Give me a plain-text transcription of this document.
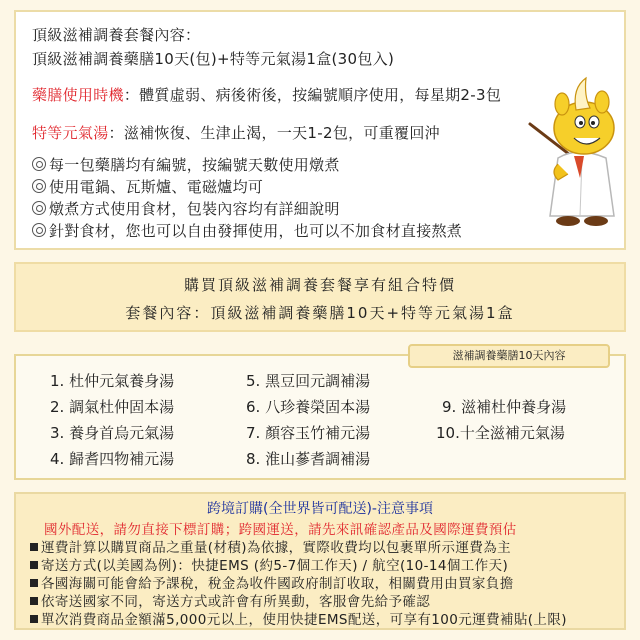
頂級滋補調養套餐內容：
頂級滋補調養藥膳10天(包)+特等元氣湯1盒(30包入)
藥膳使用時機：體質虛弱、病後術後，按編號順序使用，每星期2-3包
特等元氣湯：滋補恢復、生津止渴，一天1-2包，可重覆回沖
每一包藥膳均有編號，按編號天數使用燉煮
使用電鍋、瓦斯爐、電磁爐均可
燉煮方式使用食材，包裝內容均有詳細說明
針對食材，您也可以自由發揮使用，也可以不加食材直接熬煮
購買頂級滋補調養套餐享有組合特價
套餐內容：頂級滋補調養藥膳10天+特等元氣湯1盒
1. 杜仲元氣養身湯
2. 調氣杜仲固本湯
3. 養身首烏元氣湯
4. 歸耆四物補元湯
5. 黑豆回元調補湯
6. 八珍養榮固本湯
7. 顏容玉竹補元湯
8. 淮山蔘耆調補湯
9. 滋補杜仲養身湯
10.十全滋補元氣湯
滋補調養藥膳10天內容
跨境訂購(全世界皆可配送)-注意事項
國外配送，請勿直接下標訂購；跨國運送，請先來訊確認產品及國際運費預估
運費計算以購買商品之重量(材積)為依據，實際收費均以包裹單所示運費為主
寄送方式(以美國為例)：快捷EMS (約5-7個工作天) / 航空(10-14個工作天)
各國海關可能會給予課稅，稅金為收件國政府制訂收取，相關費用由買家負擔
依寄送國家不同，寄送方式或許會有所異動，客服會先給予確認
單次消費商品金額滿5,000元以上，使用快捷EMS配送，可享有100元運費補貼(上限)
